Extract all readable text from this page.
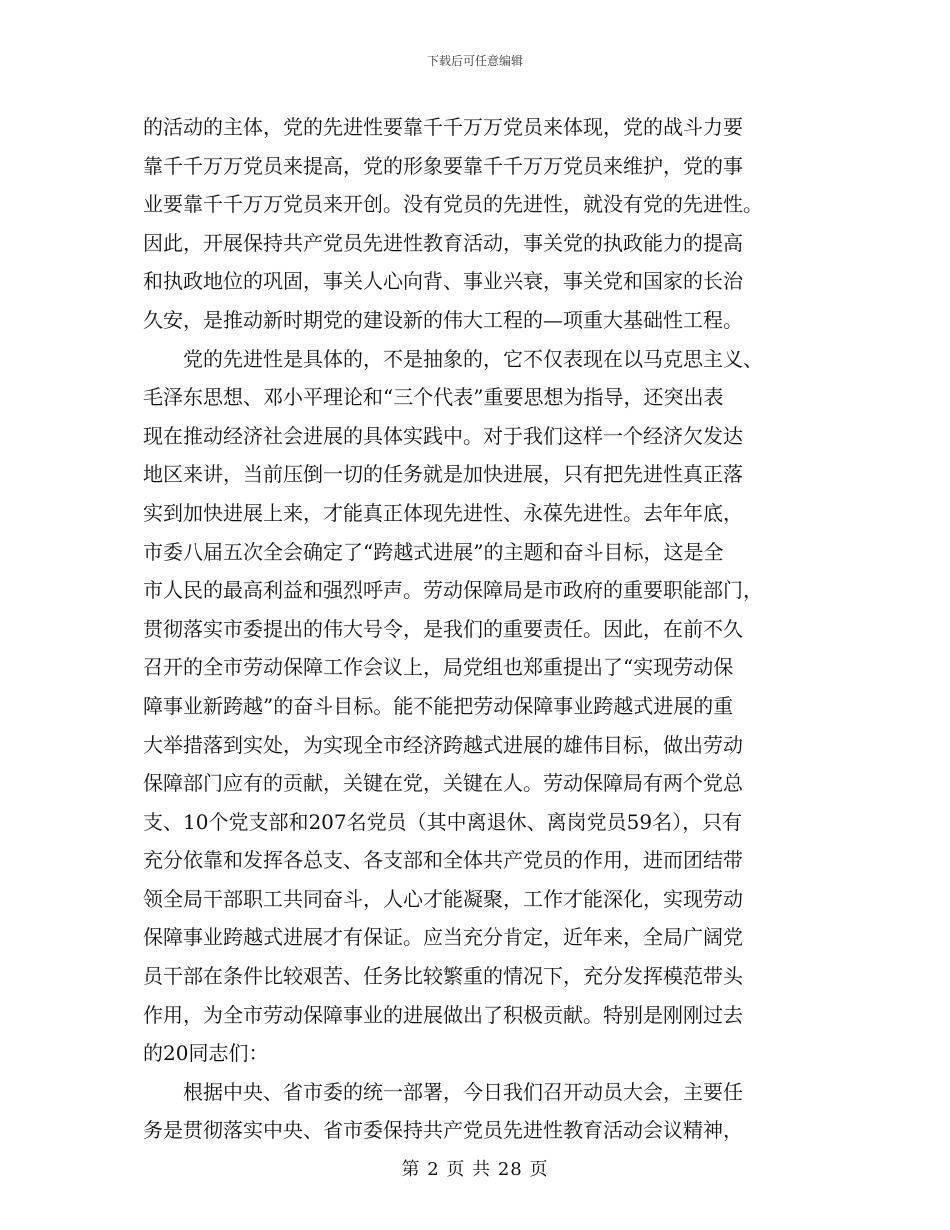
下载后可任意编辑
的活动的主体，党的先进性要靠千千万万党员来体现，党的战斗力要
靠千千万万党员来提高，党的形象要靠千千万万党员来维护，党的事
业要靠千千万万党员来开创。没有党员的先进性，就没有党的先进性。
因此，开展保持共产党员先进性教育活动，事关党的执政能力的提高
和执政地位的巩固，事关人心向背、事业兴衰，事关党和国家的长治
久安，是推动新时期党的建设新的伟大工程的—项重大基础性工程。
　　党的先进性是具体的，不是抽象的，它不仅表现在以马克思主义、
毛泽东思想、邓小平理论和“三个代表”重要思想为指导，还突出表
现在推动经济社会进展的具体实践中。对于我们这样一个经济欠发达
地区来讲，当前压倒一切的任务就是加快进展，只有把先进性真正落
实到加快进展上来，才能真正体现先进性、永葆先进性。去年年底，
市委八届五次全会确定了“跨越式进展”的主题和奋斗目标，这是全
市人民的最高利益和强烈呼声。劳动保障局是市政府的重要职能部门，
贯彻落实市委提出的伟大号令，是我们的重要责任。因此，在前不久
召开的全市劳动保障工作会议上，局党组也郑重提出了“实现劳动保
障事业新跨越”的奋斗目标。能不能把劳动保障事业跨越式进展的重
大举措落到实处，为实现全市经济跨越式进展的雄伟目标，做出劳动
保障部门应有的贡献，关键在党，关键在人。劳动保障局有两个党总
支、10个党支部和207名党员（其中离退休、离岗党员59名），只有
充分依靠和发挥各总支、各支部和全体共产党员的作用，进而团结带
领全局干部职工共同奋斗，人心才能凝聚，工作才能深化，实现劳动
保障事业跨越式进展才有保证。应当充分肯定，近年来，全局广阔党
员干部在条件比较艰苦、任务比较繁重的情况下，充分发挥模范带头
作用，为全市劳动保障事业的进展做出了积极贡献。特别是刚刚过去
的20同志们：
　　根据中央、省市委的统一部署，今日我们召开动员大会，主要任
务是贯彻落实中央、省市委保持共产党员先进性教育活动会议精神，
第 2 页 共 28 页
